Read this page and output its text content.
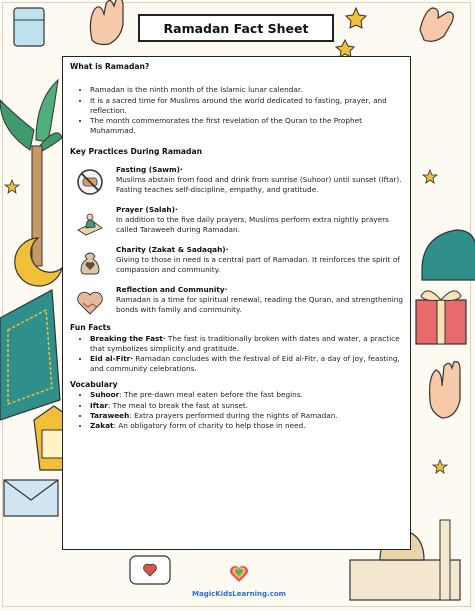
Ramadan Fact Sheet

What is Ramadan?

• Ramadan is the ninth month of the Islamic lunar calendar.
• It is a sacred time for Muslims around the world dedicated to fasting, prayer, and reflection.
• The month commemorates the first revelation of the Quran to the Prophet Muhammad.

Key Practices During Ramadan

Fasting (Sawm)·
Muslims abstain from food and drink from sunrise (Suhoor) until sunset (Iftar). Fasting teaches self-discipline, empathy, and gratitude.
Prayer (Salah)·
In addition to the five daily prayers, Muslims perform extra nightly prayers called Taraweeh during Ramadan.
Charity (Zakat & Sadaqah)·
Giving to those in need is a central part of Ramadan. It reinforces the spirit of compassion and community.
Reflection and Community·
Ramadan is a time for spiritual renewal, reading the Quran, and strengthening bonds with family and community.

Fun Facts

• Breaking the Fast· The fast is traditionally broken with dates and water, a practice that symbolizes simplicity and gratitude.
• Eid al-Fitr· Ramadan concludes with the festival of Eid al-Fitr, a day of joy, feasting, and community celebrations.

Vocabulary

• Suhoor: The pre-dawn meal eaten before the fast begins.
• Iftar: The meal to break the fast at sunset.
• Taraweeh: Extra prayers performed during the nights of Ramadan.
• Zakat: An obligatory form of charity to help those in need.
MagicKidsLearning.com
